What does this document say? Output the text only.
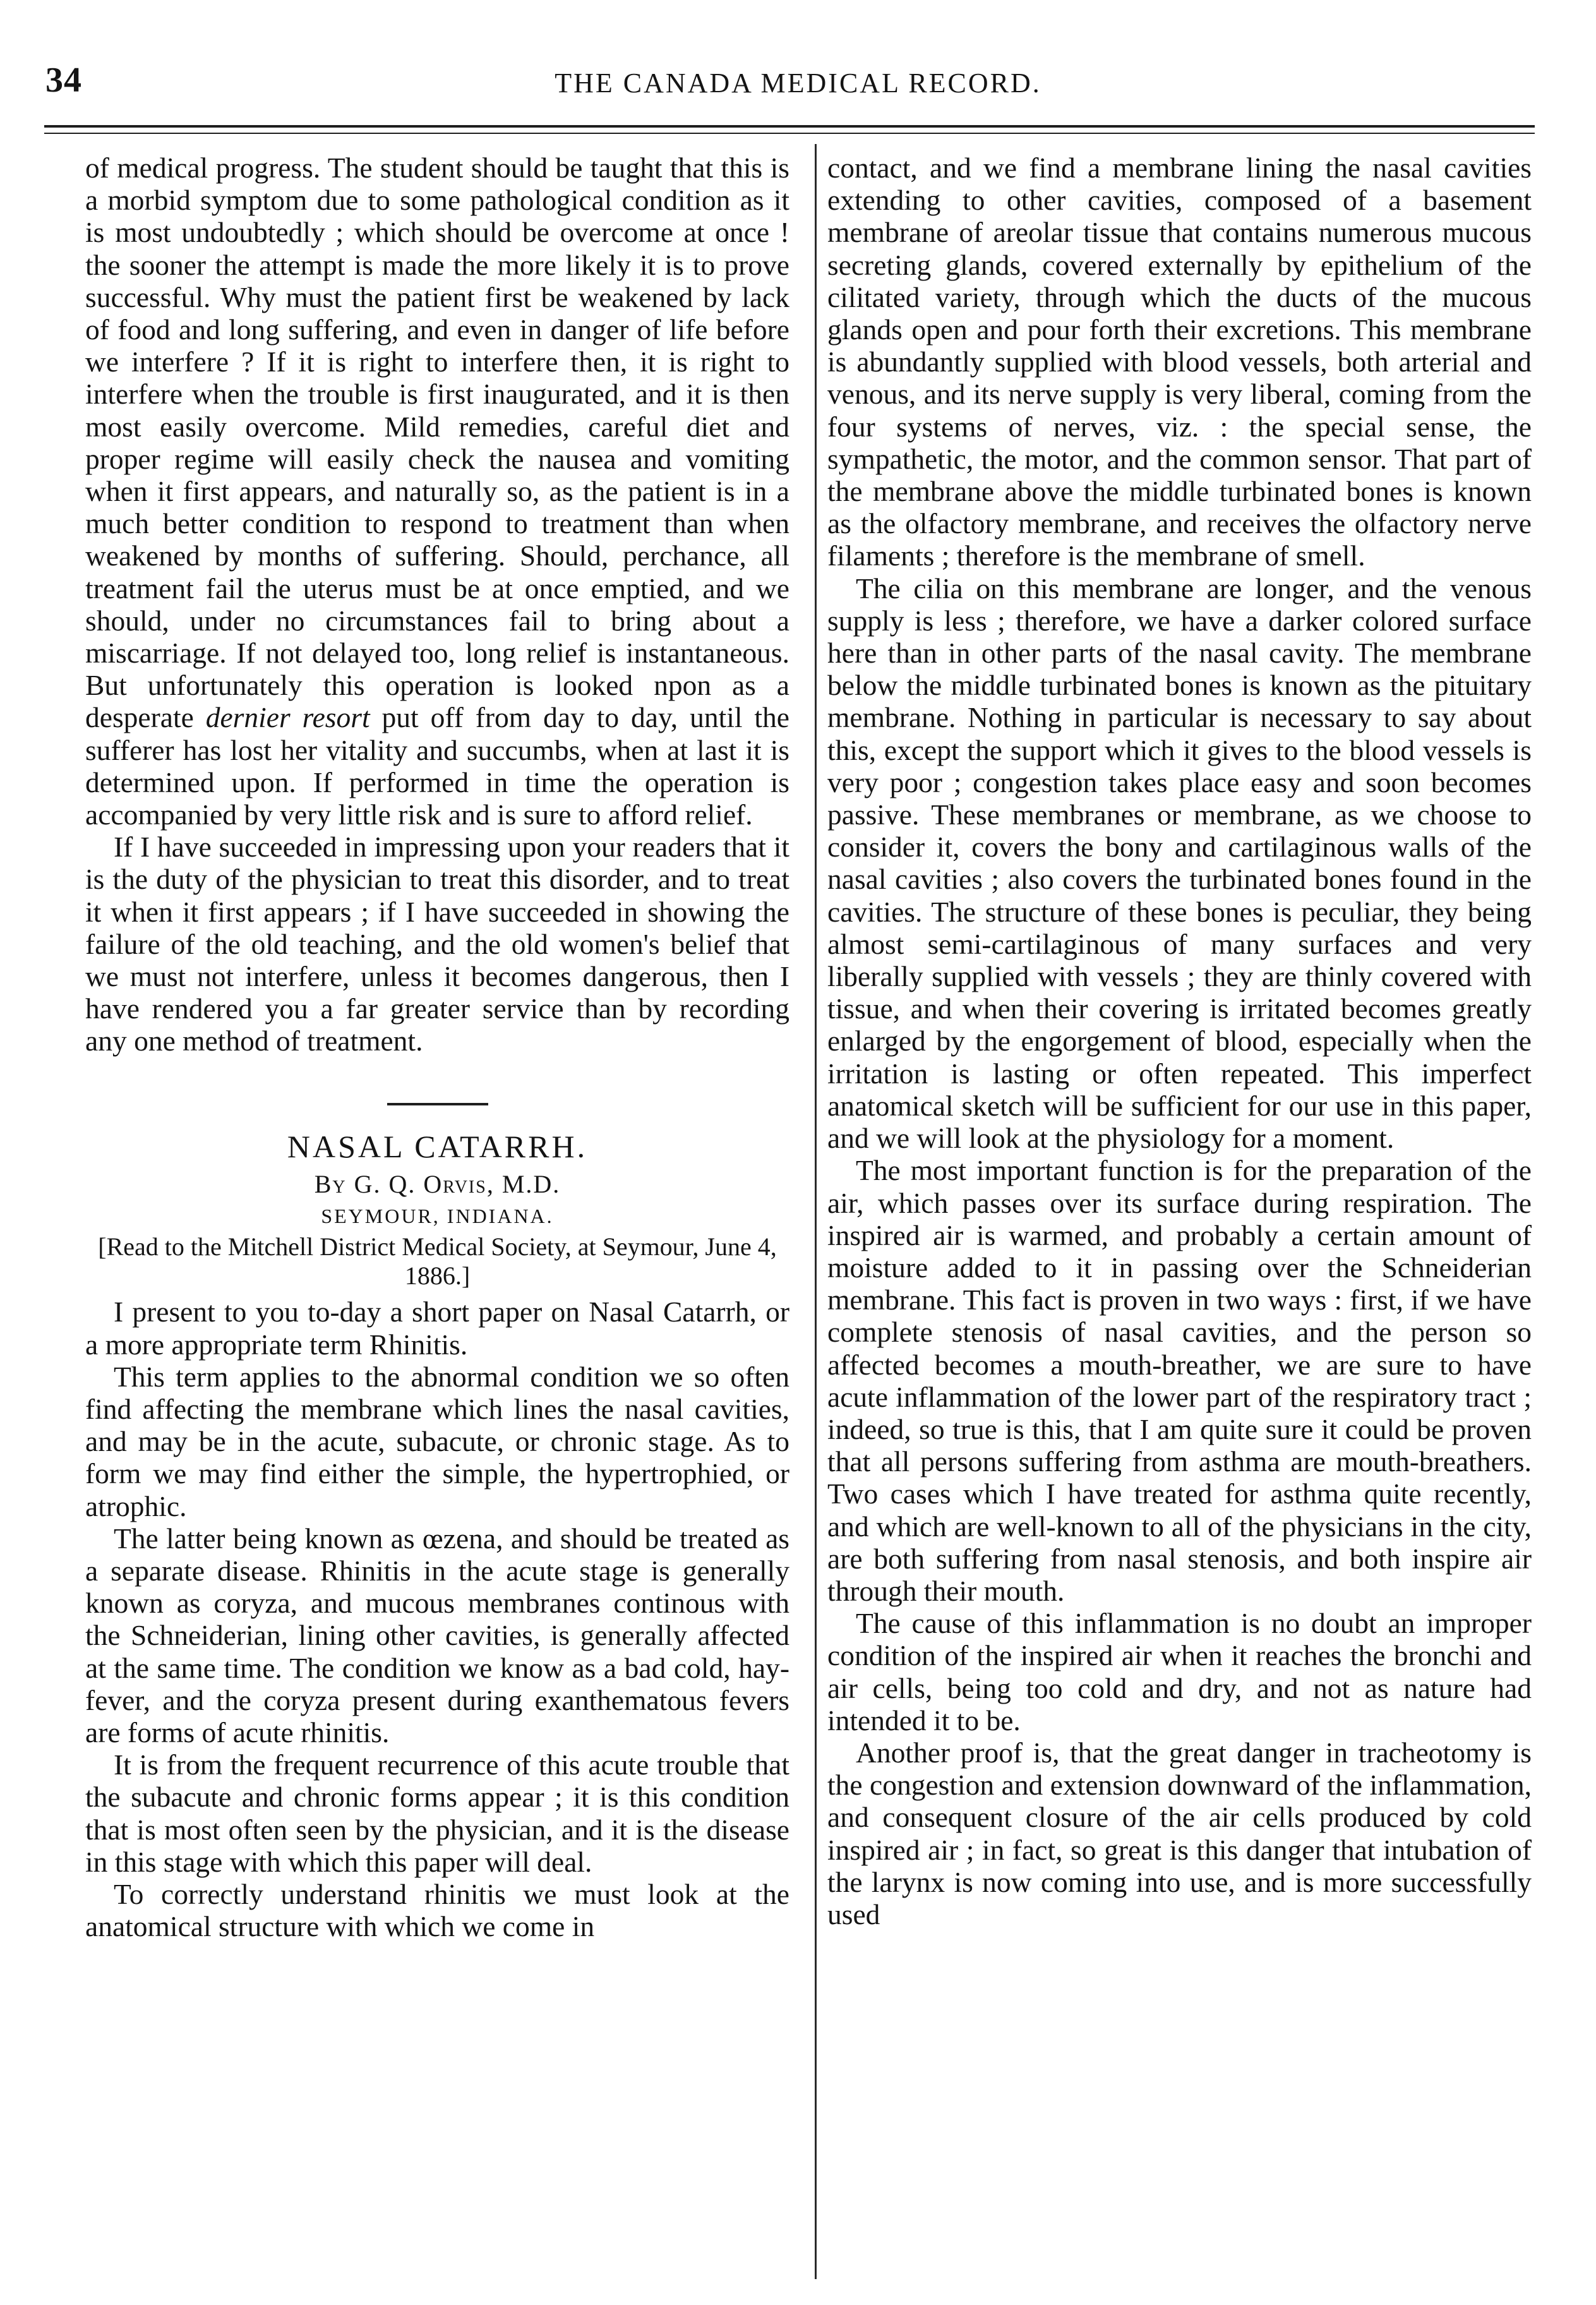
34	THE CANADA MEDICAL RECORD.

of medical progress. The student should be taught that this is a morbid symptom due to some pathological condition as it is most undoubtedly ; which should be overcome at once ! the sooner the attempt is made the more likely it is to prove successful. Why must the patient first be weakened by lack of food and long suffering, and even in danger of life before we interfere ? If it is right to interfere then, it is right to interfere when the trouble is first inaugurated, and it is then most easily overcome. Mild remedies, careful diet and proper regime will easily check the nausea and vomiting when it first appears, and naturally so, as the patient is in a much better condition to respond to treatment than when weakened by months of suffering. Should, perchance, all treatment fail the uterus must be at once emptied, and we should, under no circumstances fail to bring about a miscarriage. If not delayed too, long relief is instantaneous. But unfortunately this operation is looked npon as a desperate dernier resort put off from day to day, until the sufferer has lost her vitality and succumbs, when at last it is determined upon. If performed in time the operation is accompanied by very little risk and is sure to afford relief.

If I have succeeded in impressing upon your readers that it is the duty of the physician to treat this disorder, and to treat it when it first appears ; if I have succeeded in showing the failure of the old teaching, and the old women's belief that we must not interfere, unless it becomes dangerous, then I have rendered you a far greater service than by recording any one method of treatment.

NASAL CATARRH.
By G. Q. Orvis, M.D.
SEYMOUR, INDIANA.
[Read to the Mitchell District Medical Society, at Seymour, June 4, 1886.]

I present to you to-day a short paper on Nasal Catarrh, or a more appropriate term Rhinitis.

This term applies to the abnormal condition we so often find affecting the membrane which lines the nasal cavities, and may be in the acute, subacute, or chronic stage. As to form we may find either the simple, the hypertrophied, or atrophic.

The latter being known as œzena, and should be treated as a separate disease. Rhinitis in the acute stage is generally known as coryza, and mucous membranes continous with the Schneiderian, lining other cavities, is generally affected at the same time. The condition we know as a bad cold, hay-fever, and the coryza present during exanthematous fevers are forms of acute rhinitis.

It is from the frequent recurrence of this acute trouble that the subacute and chronic forms appear ; it is this condition that is most often seen by the physician, and it is the disease in this stage with which this paper will deal.

To correctly understand rhinitis we must look at the anatomical structure with which we come in

contact, and we find a membrane lining the nasal cavities extending to other cavities, composed of a basement membrane of areolar tissue that contains numerous mucous secreting glands, covered externally by epithelium of the cilitated variety, through which the ducts of the mucous glands open and pour forth their excretions. This membrane is abundantly supplied with blood vessels, both arterial and venous, and its nerve supply is very liberal, coming from the four systems of nerves, viz. : the special sense, the sympathetic, the motor, and the common sensor. That part of the membrane above the middle turbinated bones is known as the olfactory membrane, and receives the olfactory nerve filaments ; therefore is the membrane of smell.

The cilia on this membrane are longer, and the venous supply is less ; therefore, we have a darker colored surface here than in other parts of the nasal cavity. The membrane below the middle turbinated bones is known as the pituitary membrane. Nothing in particular is necessary to say about this, except the support which it gives to the blood vessels is very poor ; congestion takes place easy and soon becomes passive. These membranes or membrane, as we choose to consider it, covers the bony and cartilaginous walls of the nasal cavities ; also covers the turbinated bones found in the cavities. The structure of these bones is peculiar, they being almost semi-cartilaginous of many surfaces and very liberally supplied with vessels ; they are thinly covered with tissue, and when their covering is irritated becomes greatly enlarged by the engorgement of blood, especially when the irritation is lasting or often repeated. This imperfect anatomical sketch will be sufficient for our use in this paper, and we will look at the physiology for a moment.

The most important function is for the preparation of the air, which passes over its surface during respiration. The inspired air is warmed, and probably a certain amount of moisture added to it in passing over the Schneiderian membrane. This fact is proven in two ways : first, if we have complete stenosis of nasal cavities, and the person so affected becomes a mouth-breather, we are sure to have acute inflammation of the lower part of the respiratory tract ; indeed, so true is this, that I am quite sure it could be proven that all persons suffering from asthma are mouth-breathers. Two cases which I have treated for asthma quite recently, and which are well-known to all of the physicians in the city, are both suffering from nasal stenosis, and both inspire air through their mouth.

The cause of this inflammation is no doubt an improper condition of the inspired air when it reaches the bronchi and air cells, being too cold and dry, and not as nature had intended it to be.

Another proof is, that the great danger in tracheotomy is the congestion and extension downward of the inflammation, and consequent closure of the air cells produced by cold inspired air ; in fact, so great is this danger that intubation of the larynx is now coming into use, and is more successfully used
